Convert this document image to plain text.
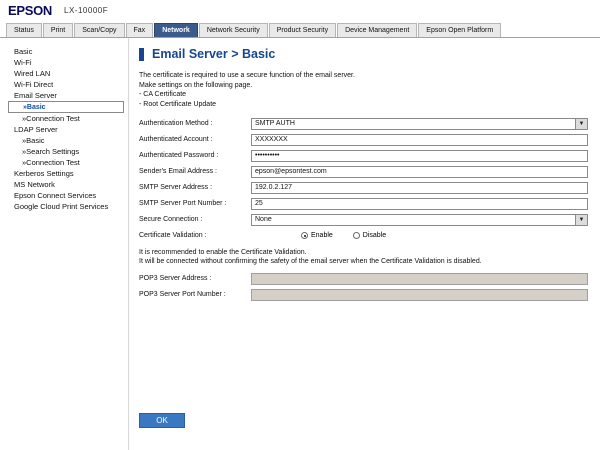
EPSON LX-10000F
Status	Print	Scan/Copy	Fax	Network	Network Security	Product Security	Device Management	Epson Open Platform
Basic
Wi-Fi
Wired LAN
Wi-Fi Direct
Email Server
»Basic
»Connection Test
LDAP Server
»Basic
»Search Settings
»Connection Test
Kerberos Settings
MS Network
Epson Connect Services
Google Cloud Print Services
Email Server > Basic
The certificate is required to use a secure function of the email server.
Make settings on the following page.
- CA Certificate
- Root Certificate Update
Authentication Method :	SMTP AUTH	▼
Authenticated Account :
XXXXXXX
Authenticated Password :
••••••••••
Sender's Email Address :
epson@epsontest.com
SMTP Server Address :
192.0.2.127
SMTP Server Port Number :
25
Secure Connection :	None	▼
Certificate Validation :	Enable	Disable
It is recommended to enable the Certificate Validation.
It will be connected without confirming the safety of the email server when the Certificate Validation is disabled.
POP3 Server Address :
POP3 Server Port Number :
OK
